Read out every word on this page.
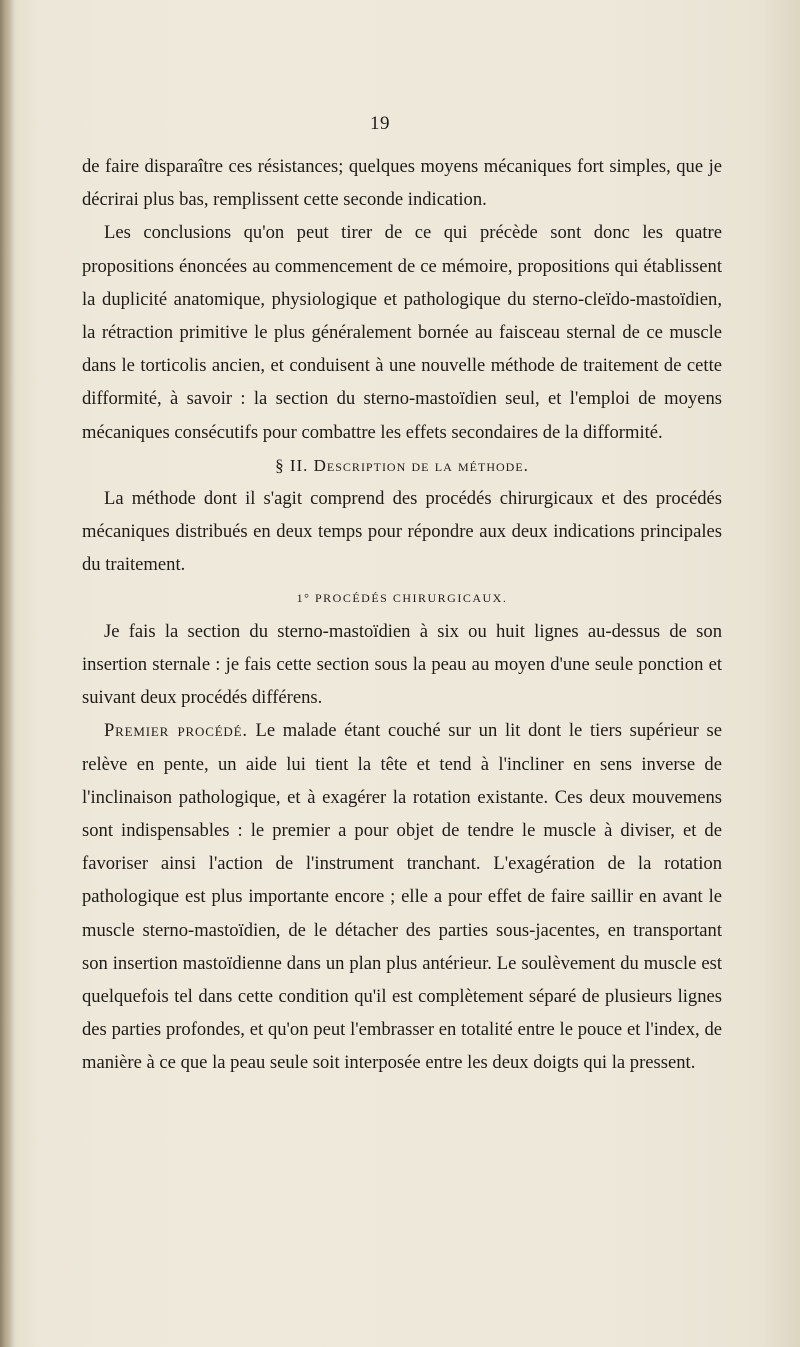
19

de faire disparaître ces résistances; quelques moyens mécaniques fort simples, que je décrirai plus bas, remplissent cette seconde indication.

Les conclusions qu'on peut tirer de ce qui précède sont donc les quatre propositions énoncées au commencement de ce mémoire, propositions qui établissent la duplicité anatomique, physiologique et pathologique du sterno-cleïdo-mastoïdien, la rétraction primitive le plus généralement bornée au faisceau sternal de ce muscle dans le torticolis ancien, et conduisent à une nouvelle méthode de traitement de cette difformité, à savoir : la section du sterno-mastoïdien seul, et l'emploi de moyens mécaniques consécutifs pour combattre les effets secondaires de la difformité.

§ II. Description de la méthode.

La méthode dont il s'agit comprend des procédés chirurgicaux et des procédés mécaniques distribués en deux temps pour répondre aux deux indications principales du traitement.

1° PROCÉDÉS CHIRURGICAUX.

Je fais la section du sterno-mastoïdien à six ou huit lignes au-dessus de son insertion sternale : je fais cette section sous la peau au moyen d'une seule ponction et suivant deux procédés différens.

Premier procédé. Le malade étant couché sur un lit dont le tiers supérieur se relève en pente, un aide lui tient la tête et tend à l'incliner en sens inverse de l'inclinaison pathologique, et à exagérer la rotation existante. Ces deux mouvemens sont indispensables : le premier a pour objet de tendre le muscle à diviser, et de favoriser ainsi l'action de l'instrument tranchant. L'exagération de la rotation pathologique est plus importante encore ; elle a pour effet de faire saillir en avant le muscle sterno-mastoïdien, de le détacher des parties sous-jacentes, en transportant son insertion mastoïdienne dans un plan plus antérieur. Le soulèvement du muscle est quelquefois tel dans cette condition qu'il est complètement séparé de plusieurs lignes des parties profondes, et qu'on peut l'embrasser en totalité entre le pouce et l'index, de manière à ce que la peau seule soit interposée entre les deux doigts qui la pressent.
